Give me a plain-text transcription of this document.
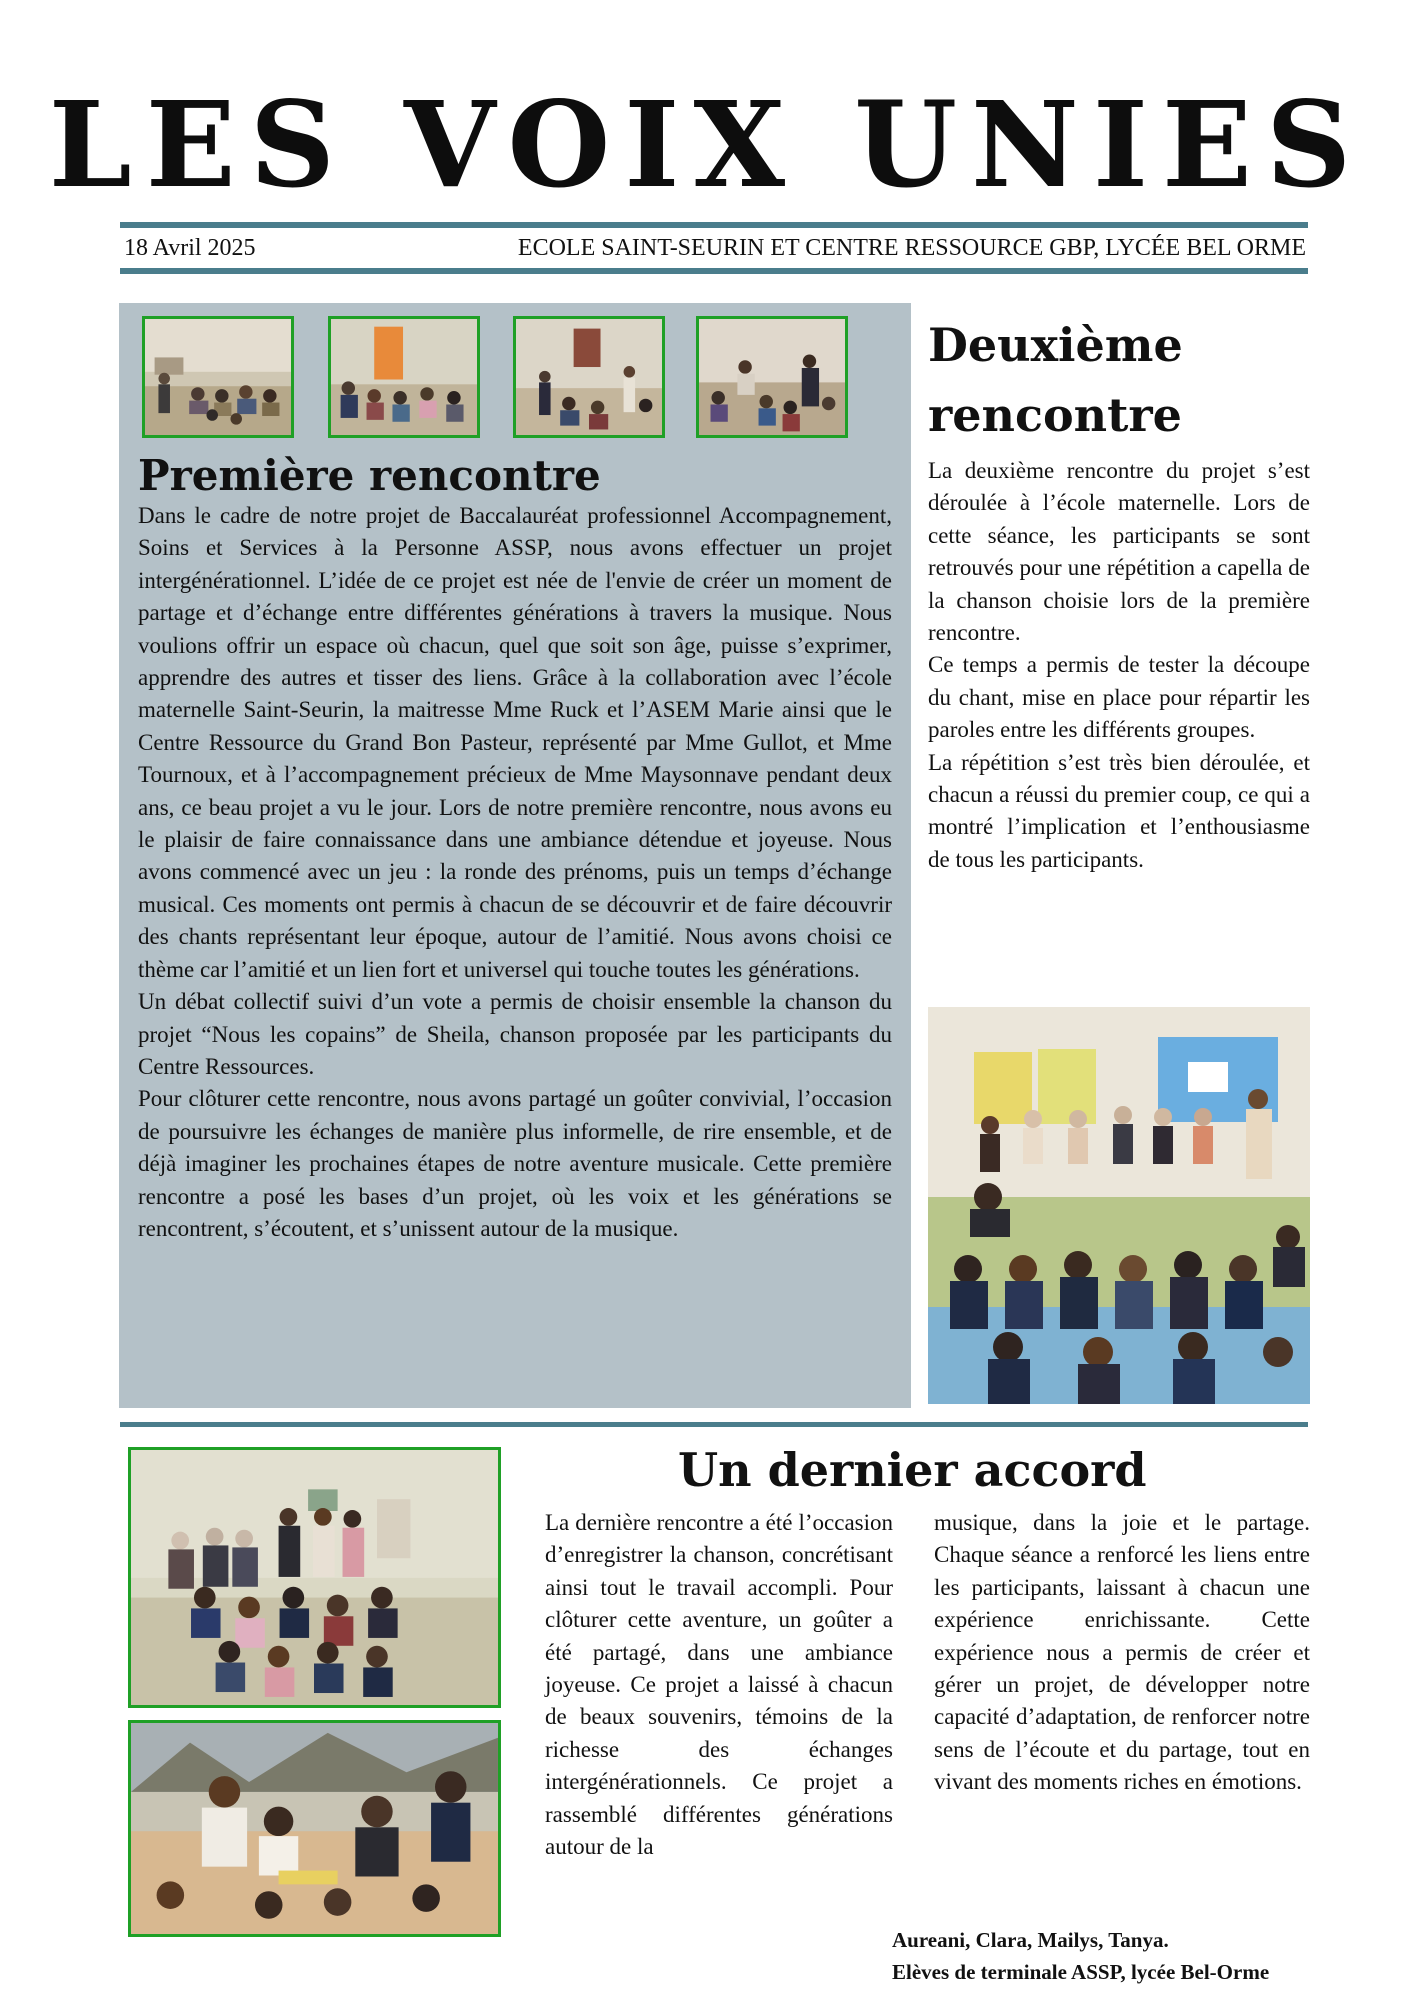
LES VOIX UNIES
18 Avril 2025	ECOLE SAINT-SEURIN ET CENTRE RESSOURCE GBP, LYCÉE BEL ORME
Première rencontre

Dans le cadre de notre projet de Baccalauréat professionnel Accompagnement, Soins et Services à la Personne ASSP, nous avons effectuer un projet intergénérationnel. L’idée de ce projet est née de l'envie de créer un moment de partage et d’échange entre différentes générations à travers la musique. Nous voulions offrir un espace où chacun, quel que soit son âge, puisse s’exprimer, apprendre des autres et tisser des liens. Grâce à la collaboration avec l’école maternelle Saint-Seurin, la maitresse Mme Ruck et l’ASEM Marie ainsi que le Centre Ressource du Grand Bon Pasteur, représenté par Mme Gullot, et Mme Tournoux, et à l’accompagnement précieux de Mme Maysonnave pendant deux ans, ce beau projet a vu le jour. Lors de notre première rencontre, nous avons eu le plaisir de faire connaissance dans une ambiance détendue et joyeuse. Nous avons commencé avec un jeu : la ronde des prénoms, puis un temps d’échange musical. Ces moments ont permis à chacun de se découvrir et de faire découvrir des chants représentant leur époque, autour de l’amitié. Nous avons choisi ce thème car l’amitié et un lien fort et universel qui touche toutes les générations.

Un débat collectif suivi d’un vote a permis de choisir ensemble la chanson du projet “Nous les copains” de Sheila, chanson proposée par les participants du Centre Ressources.

Pour clôturer cette rencontre, nous avons partagé un goûter convivial, l’occasion de poursuivre les échanges de manière plus informelle, de rire ensemble, et de déjà imaginer les prochaines étapes de notre aventure musicale. Cette première rencontre a posé les bases d’un projet, où les voix et les générations se rencontrent, s’écoutent, et s’unissent autour de la musique.

Deuxième rencontre

La deuxième rencontre du projet s’est déroulée à l’école maternelle. Lors de cette séance, les participants se sont retrouvés pour une répétition a capella de la chanson choisie lors de la première rencontre.

Ce temps a permis de tester la découpe du chant, mise en place pour répartir les paroles entre les différents groupes.

La répétition s’est très bien déroulée, et chacun a réussi du premier coup, ce qui a montré l’implication et l’enthousiasme de tous les participants.

Un dernier accord
La dernière rencontre a été l’occasion d’enregistrer la chanson, concrétisant ainsi tout le travail accompli. Pour clôturer cette aventure, un goûter a été partagé, dans une ambiance joyeuse. Ce projet a laissé à chacun de beaux souvenirs, témoins de la richesse des échanges intergénérationnels. Ce projet a rassemblé différentes générations autour de la
musique, dans la joie et le partage. Chaque séance a renforcé les liens entre les participants, laissant à chacun une expérience enrichissante. Cette expérience nous a permis de créer et gérer un projet, de développer notre capacité d’adaptation, de renforcer notre sens de l’écoute et du partage, tout en vivant des moments riches en émotions.
Aureani, Clara, Mailys, Tanya.
Elèves de terminale ASSP, lycée Bel-Orme
